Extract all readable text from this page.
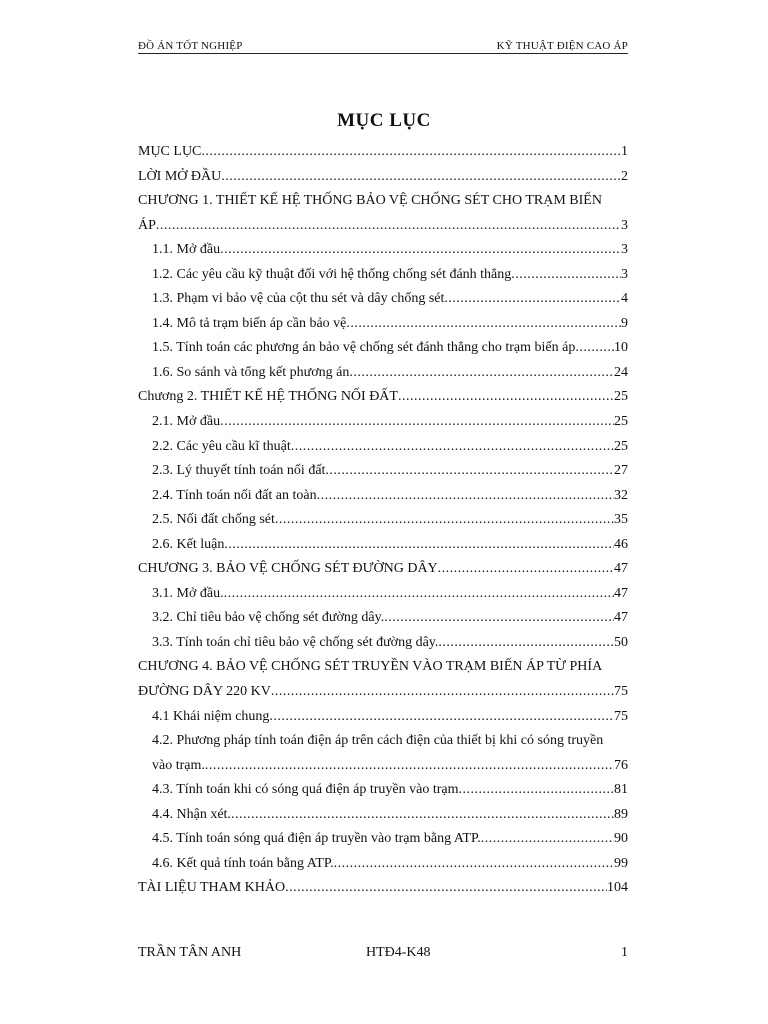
ĐỒ ÁN TỐT NGHIỆP	KỸ THUẬT ĐIỆN CAO ÁP
MỤC LỤC
MỤC LỤC .....	1
LỜI MỞ ĐẦU .....	2
CHƯƠNG 1. THIẾT KẾ HỆ THỐNG BẢO VỆ CHỐNG SÉT CHO TRẠM BIẾN
ÁP .....	3
1.1. Mở đầu .....	3
1.2. Các yêu cầu kỹ thuật đối với hệ thống chống sét đánh thẳng .....	3
1.3. Phạm vi bảo vệ của cột thu sét và dây chống sét .....	4
1.4. Mô tả trạm biến áp cần bảo vệ .....	9
1.5. Tính toán các phương án bảo vệ chống sét đánh thẳng cho trạm biến áp .....	10
1.6. So sánh và tổng kết phương án .....	24
Chương 2. THIẾT KẾ HỆ THỐNG NỐI ĐẤT .....	25
2.1. Mở đầu .....	25
2.2. Các yêu cầu kĩ thuật .....	25
2.3. Lý thuyết tính toán nối đất .....	27
2.4. Tính toán nối đất an toàn .....	32
2.5. Nối đất chống sét .....	35
2.6. Kết luận .....	46
CHƯƠNG 3. BẢO VỆ CHỐNG SÉT ĐƯỜNG DÂY .....	47
3.1. Mở đầu. .....	47
3.2. Chỉ tiêu bảo vệ chống sét đường dây. .....	47
3.3. Tính toán chỉ tiêu bảo vệ chống sét đường dây. .....	50
CHƯƠNG 4. BẢO VỆ CHỐNG SÉT TRUYỀN VÀO TRẠM BIẾN ÁP TỪ PHÍA
ĐƯỜNG DÂY 220 KV .....	75
4.1 Khái niệm chung .....	75
4.2. Phương pháp tính toán điện áp trên cách điện của thiết bị khi có sóng truyền
vào trạm. .....	76
4.3. Tính toán khi có sóng quá điện áp truyền vào trạm .....	81
4.4. Nhận xét. .....	89
4.5. Tính toán sóng quá điện áp truyền vào trạm bằng ATP. .....	90
4.6. Kết quả tính toán bằng ATP. .....	99
TÀI LIỆU THAM KHẢO .....	104
TRẦN TÂN ANH	HTĐ4-K48	1
